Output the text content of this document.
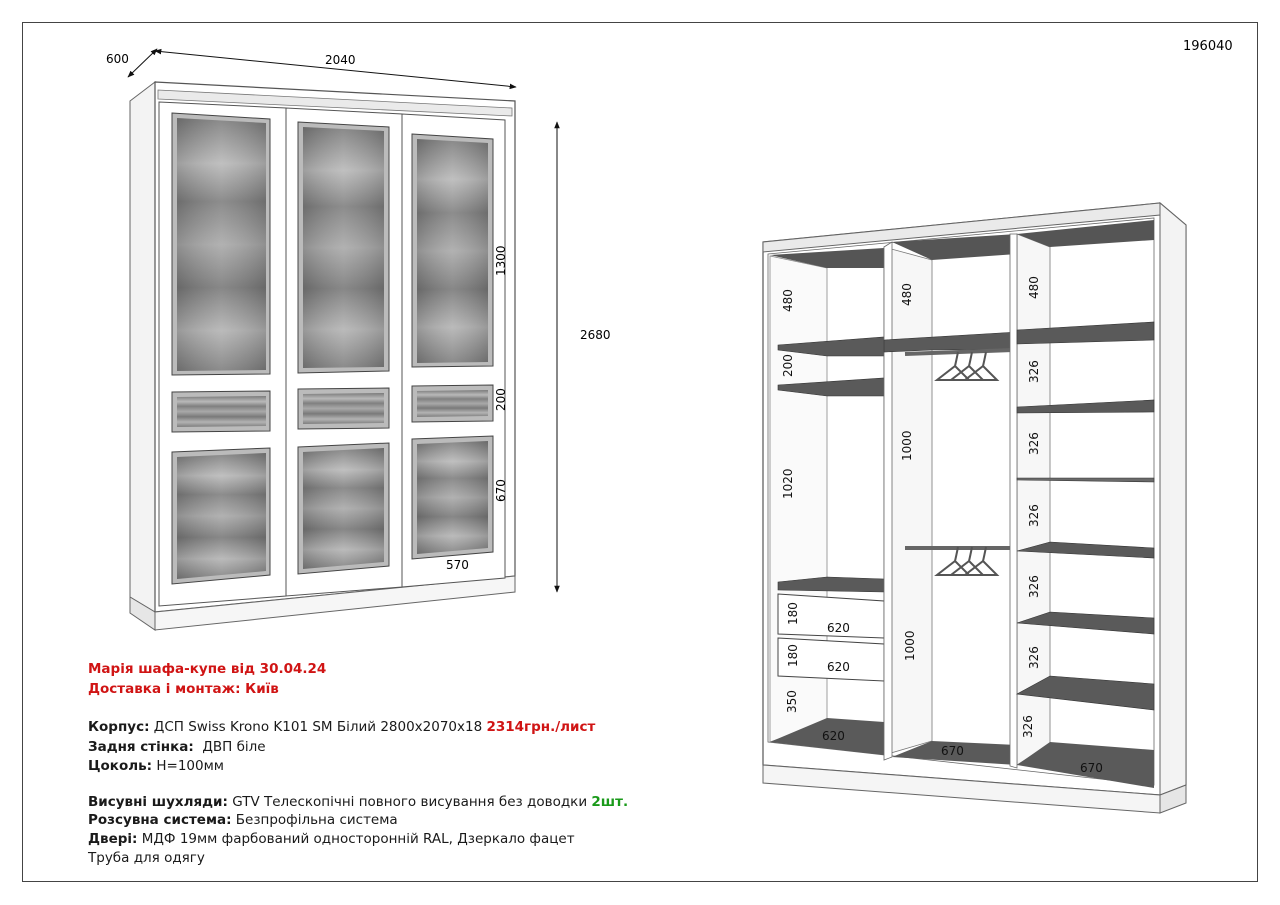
600	2040
2680
1300
200
670
570
196040
480
200
1020
180
180
350
620
620
620
480
1000
1000
670
480
326
326
326
326
326
326
670
Марія шафа-купе від 30.04.24
Доставка і монтаж: Київ
Корпус: ДСП Swiss Krono K101 SM Білий 2800x2070x18 2314грн./лист
Задня стінка:  ДВП біле
Цоколь: H=100мм
Висувні шухляди: GTV Телескопічні повного висування без доводки 2шт.
Розсувна система: Безпрофільна система
Двері: МДФ 19мм фарбований односторонній RAL, Дзеркало фацет
Труба для одягу
